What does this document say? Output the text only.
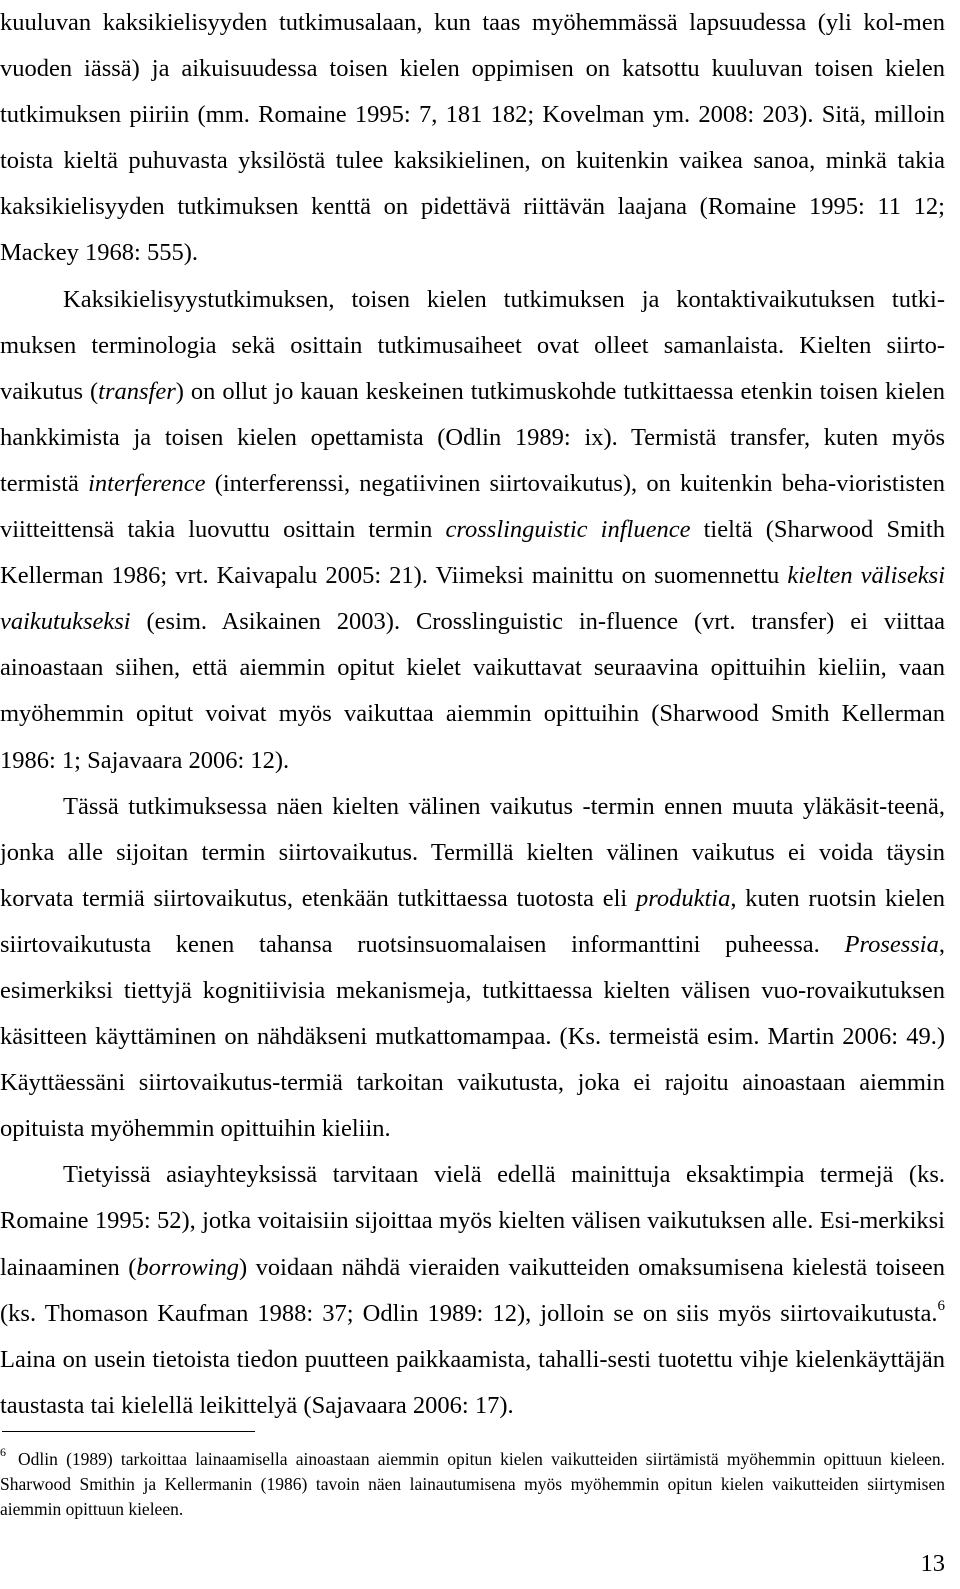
kuuluvan kaksikielisyyden tutkimusalaan, kun taas myöhemmässä lapsuudessa (yli kol-men vuoden iässä) ja aikuisuudessa toisen kielen oppimisen on katsottu kuuluvan toisen kielen tutkimuksen piiriin (mm. Romaine 1995: 7, 181 182; Kovelman ym. 2008: 203). Sitä, milloin toista kieltä puhuvasta yksilöstä tulee kaksikielinen, on kuitenkin vaikea sanoa, minkä takia kaksikielisyyden tutkimuksen kenttä on pidettävä riittävän laajana (Romaine 1995: 11 12; Mackey 1968: 555).

Kaksikielisyystutkimuksen, toisen kielen tutkimuksen ja kontaktivaikutuksen tutki-muksen terminologia sekä osittain tutkimusaiheet ovat olleet samanlaista. Kielten siirto-vaikutus (transfer) on ollut jo kauan keskeinen tutkimuskohde tutkittaessa etenkin toisen kielen hankkimista ja toisen kielen opettamista (Odlin 1989: ix). Termistä transfer, kuten myös termistä interference (interferenssi, negatiivinen siirtovaikutus), on kuitenkin beha-viorististen viitteittensä takia luovuttu osittain termin crosslinguistic influence tieltä (Sharwood Smith Kellerman 1986; vrt. Kaivapalu 2005: 21). Viimeksi mainittu on suomennettu kielten väliseksi vaikutukseksi (esim. Asikainen 2003). Crosslinguistic in-fluence (vrt. transfer) ei viittaa ainoastaan siihen, että aiemmin opitut kielet vaikuttavat seuraavina opittuihin kieliin, vaan myöhemmin opitut voivat myös vaikuttaa aiemmin opittuihin (Sharwood Smith Kellerman 1986: 1; Sajavaara 2006: 12).

Tässä tutkimuksessa näen kielten välinen vaikutus -termin ennen muuta yläkäsit-teenä, jonka alle sijoitan termin siirtovaikutus. Termillä kielten välinen vaikutus ei voida täysin korvata termiä siirtovaikutus, etenkään tutkittaessa tuotosta eli produktia, kuten ruotsin kielen siirtovaikutusta kenen tahansa ruotsinsuomalaisen informanttini puheessa. Prosessia, esimerkiksi tiettyjä kognitiivisia mekanismeja, tutkittaessa kielten välisen vuo-rovaikutuksen käsitteen käyttäminen on nähdäkseni mutkattomampaa. (Ks. termeistä esim. Martin 2006: 49.) Käyttäessäni siirtovaikutus-termiä tarkoitan vaikutusta, joka ei rajoitu ainoastaan aiemmin opituista myöhemmin opittuihin kieliin.

Tietyissä asiayhteyksissä tarvitaan vielä edellä mainittuja eksaktimpia termejä (ks. Romaine 1995: 52), jotka voitaisiin sijoittaa myös kielten välisen vaikutuksen alle. Esi-merkiksi lainaaminen (borrowing) voidaan nähdä vieraiden vaikutteiden omaksumisena kielestä toiseen (ks. Thomason Kaufman 1988: 37; Odlin 1989: 12), jolloin se on siis myös siirtovaikutusta.$^6$ Laina on usein tietoista tiedon puutteen paikkaamista, tahalli-sesti tuotettu vihje kielenkäyttäjän taustasta tai kielellä leikittelyä (Sajavaara 2006: 17).

$^6$ Odlin (1989) tarkoittaa lainaamisella ainoastaan aiemmin opitun kielen vaikutteiden siirtämistä myöhemmin opittuun kieleen. Sharwood Smithin ja Kellermanin (1986) tavoin näen lainautumisena myös myöhemmin opitun kielen vaikutteiden siirtymisen aiemmin opittuun kieleen.

13
